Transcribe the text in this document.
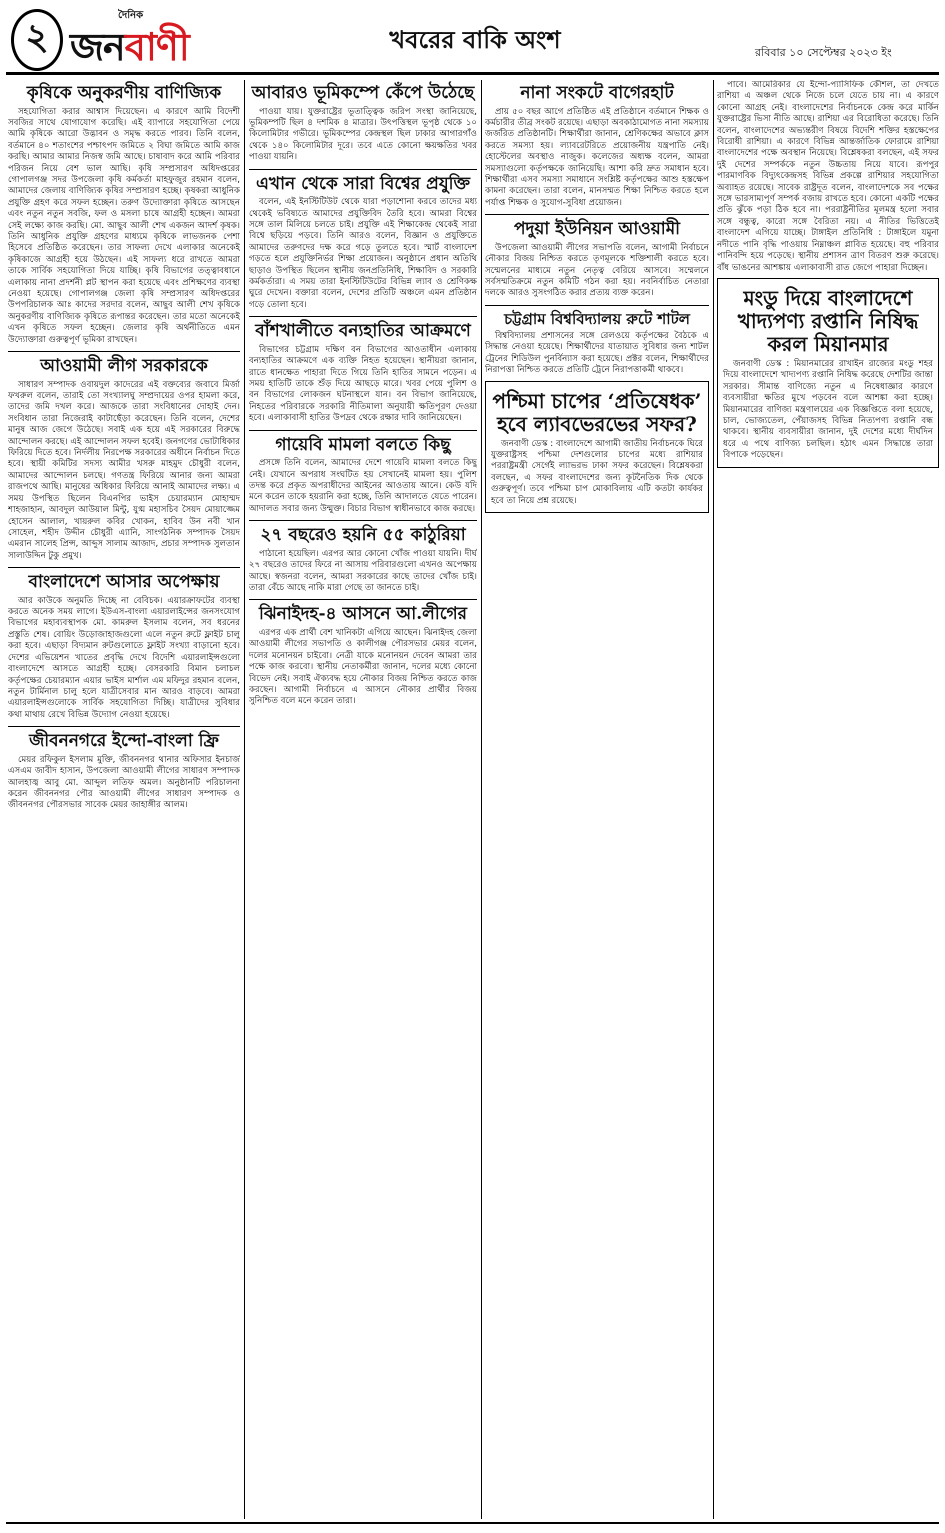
২
দৈনিক
জনবাণী	খবরের বাকি অংশ	রবিবার ১০ সেপ্টেম্বর ২০২৩ ইং
কৃষিকে অনুকরণীয় বাণিজ্যিক

সহযোগিতা করার আশ্বাস দিয়েছেন। এ কারণে আমি বিদেশী সবজির সাথে যোগাযোগ করেছি। এই ব্যাপারে সহযোগিতা পেয়ে আমি কৃষিকে আরো উদ্ভাবন ও সমৃদ্ধ করতে পারব। তিনি বলেন, বর্তমানে ৪০ শতাংশের পশ্চাৎপদ জমিতে ২ বিঘা জমিতে আমি কাজ করছি। আমার আমার নিজস্ব জমি আছে। চাষাবাদ করে আমি পরিবার পরিজন নিয়ে বেশ ভাল আছি। কৃষি সম্প্রসারণ অধিদপ্তরের গোপালগঞ্জ সদর উপজেলা কৃষি কর্মকর্তা মাহফুজুর রহমান বলেন, আমাদের জেলায় বাণিজ্যিক কৃষির সম্প্রসারণ হচ্ছে। কৃষকরা আধুনিক প্রযুক্তি গ্রহণ করে সফল হচ্ছেন। তরুণ উদ্যোক্তারা কৃষিতে আসছেন এবং নতুন নতুন সবজি, ফল ও মসলা চাষে আগ্রহী হচ্ছেন। আমরা সেই লক্ষ্যে কাজ করছি। মো. আছুব আলী শেখ একজন আদর্শ কৃষক। তিনি আধুনিক প্রযুক্তি গ্রহণের মাধ্যমে কৃষিকে লাভজনক পেশা হিসেবে প্রতিষ্ঠিত করেছেন। তার সাফল্য দেখে এলাকার অনেকেই কৃষিকাজে আগ্রহী হয়ে উঠছেন। এই সাফল্য ধরে রাখতে আমরা তাকে সার্বিক সহযোগিতা দিয়ে যাচ্ছি। কৃষি বিভাগের তত্ত্বাবধানে এলাকায় নানা প্রদর্শনী প্লট স্থাপন করা হয়েছে এবং প্রশিক্ষণের ব্যবস্থা নেওয়া হয়েছে। গোপালগঞ্জ জেলা কৃষি সম্প্রসারণ অধিদপ্তরের উপপরিচালক আঃ কাদের সরদার বলেন, আছুব আলী শেখ কৃষিকে অনুকরণীয় বাণিজ্যিক কৃষিতে রূপান্তর করেছেন। তার মতো অনেকেই এখন কৃষিতে সফল হচ্ছেন। জেলার কৃষি অর্থনীতিতে এমন উদ্যোক্তারা গুরুত্বপূর্ণ ভূমিকা রাখছেন।

আওয়ামী লীগ সরকারকে

সাধারণ সম্পাদক ওবায়দুল কাদেরের এই বক্তব্যের জবাবে মির্জা ফখরুল বলেন, তারাই তো সংখ্যালঘু সম্প্রদায়ের ওপর হামলা করে, তাদের জমি দখল করে। আজকে তারা সংবিধানের দোহাই দেন। সংবিধান তারা নিজেরাই কাটাছেঁড়া করেছেন। তিনি বলেন, দেশের মানুষ আজ জেগে উঠেছে। সবাই এক হয়ে এই সরকারের বিরুদ্ধে আন্দোলন করছে। এই আন্দোলন সফল হবেই। জনগণের ভোটাধিকার ফিরিয়ে দিতে হবে। নির্দলীয় নিরপেক্ষ সরকারের অধীনে নির্বাচন দিতে হবে। স্থায়ী কমিটির সদস্য আমীর খসরু মাহমুদ চৌধুরী বলেন, আমাদের আন্দোলন চলছে। গণতন্ত্র ফিরিয়ে আনার জন্য আমরা রাজপথে আছি। মানুষের অধিকার ফিরিয়ে আনাই আমাদের লক্ষ্য। এ সময় উপস্থিত ছিলেন বিএনপির ভাইস চেয়ারম্যান মোহাম্মদ শাহজাহান, আবদুল আউয়াল মিন্টু, যুগ্ম মহাসচিব সৈয়দ মোয়াজ্জেম হোসেন আলাল, খায়রুল কবির খোকন, হাবিব উন নবী খান সোহেল, শহীদ উদ্দীন চৌধুরী এ্যানি, সাংগঠনিক সম্পাদক সৈয়দ এমরান সালেহ প্রিন্স, আব্দুস সালাম আজাদ, প্রচার সম্পাদক সুলতান সালাউদ্দিন টুকু প্রমুখ।

বাংলাদেশে আসার অপেক্ষায়

আর কাউকে অনুমতি দিচ্ছে না বেবিচক। এয়ারক্রাফটের ব্যবস্থা করতে অনেক সময় লাগে। ইউএস-বাংলা এয়ারলাইন্সের জনসংযোগ বিভাগের মহাব্যবস্থাপক মো. কামরুল ইসলাম বলেন, সব ধরনের প্রস্তুতি শেষ। বোয়িং উড়োজাহাজগুলো এলে নতুন রুটে ফ্লাইট চালু করা হবে। এছাড়া বিদ্যমান রুটগুলোতে ফ্লাইট সংখ্যা বাড়ানো হবে। দেশের এভিয়েশন খাতের প্রবৃদ্ধি দেখে বিদেশি এয়ারলাইন্সগুলো বাংলাদেশে আসতে আগ্রহী হচ্ছে। বেসরকারি বিমান চলাচল কর্তৃপক্ষের চেয়ারম্যান এয়ার ভাইস মার্শাল এম মফিদুর রহমান বলেন, নতুন টার্মিনাল চালু হলে যাত্রীসেবার মান আরও বাড়বে। আমরা এয়ারলাইন্সগুলোকে সার্বিক সহযোগিতা দিচ্ছি। যাত্রীদের সুবিধার কথা মাথায় রেখে বিভিন্ন উদ্যোগ নেওয়া হয়েছে।

জীবননগরে ইন্দো-বাংলা ফ্রি

মেয়র রফিকুল ইসলাম মুক্তি, জীবননগর থানার অফিসার ইনচার্জ এসএম জাবীদ হাসান, উপজেলা আওয়ামী লীগের সাধারণ সম্পাদক আলহাজ্ব আবু মো. আব্দুল লতিফ অমল। অনুষ্ঠানটি পরিচালনা করেন জীবননগর পৌর আওয়ামী লীগের সাধারণ সম্পাদক ও জীবননগর পৌরসভার সাবেক মেয়র জাহাঙ্গীর আলম।

আবারও ভূমিকম্পে কেঁপে উঠেছে

পাওয়া যায়। যুক্তরাষ্ট্রের ভূতাত্ত্বিক জরিপ সংস্থা জানিয়েছে, ভূমিকম্পটি ছিল ৪ দশমিক ৪ মাত্রার। উৎপত্তিস্থল ভূপৃষ্ঠ থেকে ১০ কিলোমিটার গভীরে। ভূমিকম্পের কেন্দ্রস্থল ছিল ঢাকার আগারগাঁও থেকে ১৪০ কিলোমিটার দূরে। তবে এতে কোনো ক্ষয়ক্ষতির খবর পাওয়া যায়নি।

এখান থেকে সারা বিশ্বের প্রযুক্তি

বলেন, এই ইনস্টিটিউট থেকে যারা পড়াশোনা করবে তাদের মধ্য থেকেই ভবিষ্যতে আমাদের প্রযুক্তিবিদ তৈরি হবে। আমরা বিশ্বের সঙ্গে তাল মিলিয়ে চলতে চাই। প্রযুক্তি এই শিক্ষাকেন্দ্র থেকেই সারা বিশ্বে ছড়িয়ে পড়বে। তিনি আরও বলেন, বিজ্ঞান ও প্রযুক্তিতে আমাদের তরুণদের দক্ষ করে গড়ে তুলতে হবে। স্মার্ট বাংলাদেশ গড়তে হলে প্রযুক্তিনির্ভর শিক্ষা প্রয়োজন। অনুষ্ঠানে প্রধান অতিথি ছাড়াও উপস্থিত ছিলেন স্থানীয় জনপ্রতিনিধি, শিক্ষাবিদ ও সরকারি কর্মকর্তারা। এ সময় তারা ইনস্টিটিউটের বিভিন্ন ল্যাব ও শ্রেণিকক্ষ ঘুরে দেখেন। বক্তারা বলেন, দেশের প্রতিটি অঞ্চলে এমন প্রতিষ্ঠান গড়ে তোলা হবে।

বাঁশখালীতে বন্যহাতির আক্রমণে

বিভাগের চট্টগ্রাম দক্ষিণ বন বিভাগের আওতাধীন এলাকায় বন্যহাতির আক্রমণে এক ব্যক্তি নিহত হয়েছেন। স্থানীয়রা জানান, রাতে ধানক্ষেত পাহারা দিতে গিয়ে তিনি হাতির সামনে পড়েন। এ সময় হাতিটি তাকে শুঁড় দিয়ে আছড়ে মারে। খবর পেয়ে পুলিশ ও বন বিভাগের লোকজন ঘটনাস্থলে যান। বন বিভাগ জানিয়েছে, নিহতের পরিবারকে সরকারি নীতিমালা অনুযায়ী ক্ষতিপূরণ দেওয়া হবে। এলাকাবাসী হাতির উপদ্রব থেকে রক্ষার দাবি জানিয়েছেন।

গায়েবি মামলা বলতে কিছু

প্রসঙ্গে তিনি বলেন, আমাদের দেশে গায়েবি মামলা বলতে কিছু নেই। যেখানে অপরাধ সংঘটিত হয় সেখানেই মামলা হয়। পুলিশ তদন্ত করে প্রকৃত অপরাধীদের আইনের আওতায় আনে। কেউ যদি মনে করেন তাকে হয়রানি করা হচ্ছে, তিনি আদালতে যেতে পারেন। আদালত সবার জন্য উন্মুক্ত। বিচার বিভাগ স্বাধীনভাবে কাজ করছে।

২৭ বছরেও হয়নি ৫৫ কাঠুরিয়া

পাঠানো হয়েছিল। এরপর আর কোনো খোঁজ পাওয়া যায়নি। দীর্ঘ ২৭ বছরেও তাদের ফিরে না আসায় পরিবারগুলো এখনও অপেক্ষায় আছে। স্বজনরা বলেন, আমরা সরকারের কাছে তাদের খোঁজ চাই। তারা বেঁচে আছে নাকি মারা গেছে তা জানতে চাই।

ঝিনাইদহ-৪ আসনে আ.লীগের

এরপর এক প্রার্থী বেশ খানিকটা এগিয়ে আছেন। ঝিনাইদহ জেলা আওয়ামী লীগের সভাপতি ও কালীগঞ্জ পৌরসভার মেয়র বলেন, দলের মনোনয়ন চাইবো। নেত্রী যাকে মনোনয়ন দেবেন আমরা তার পক্ষে কাজ করবো। স্থানীয় নেতাকর্মীরা জানান, দলের মধ্যে কোনো বিভেদ নেই। সবাই ঐক্যবদ্ধ হয়ে নৌকার বিজয় নিশ্চিত করতে কাজ করছেন। আগামী নির্বাচনে এ আসনে নৌকার প্রার্থীর বিজয় সুনিশ্চিত বলে মনে করেন তারা।

নানা সংকটে বাগেরহাট

প্রায় ৫০ বছর আগে প্রতিষ্ঠিত এই প্রতিষ্ঠানে বর্তমানে শিক্ষক ও কর্মচারীর তীব্র সংকট রয়েছে। এছাড়া অবকাঠামোগত নানা সমস্যায় জর্জরিত প্রতিষ্ঠানটি। শিক্ষার্থীরা জানান, শ্রেণিকক্ষের অভাবে ক্লাস করতে সমস্যা হয়। ল্যাবরেটরিতে প্রয়োজনীয় যন্ত্রপাতি নেই। হোস্টেলের অবস্থাও নাজুক। কলেজের অধ্যক্ষ বলেন, আমরা সমস্যাগুলো কর্তৃপক্ষকে জানিয়েছি। আশা করি দ্রুত সমাধান হবে। শিক্ষার্থীরা এসব সমস্যা সমাধানে সংশ্লিষ্ট কর্তৃপক্ষের আশু হস্তক্ষেপ কামনা করেছেন। তারা বলেন, মানসম্মত শিক্ষা নিশ্চিত করতে হলে পর্যাপ্ত শিক্ষক ও সুযোগ-সুবিধা প্রয়োজন।

পদুয়া ইউনিয়ন আওয়ামী

উপজেলা আওয়ামী লীগের সভাপতি বলেন, আগামী নির্বাচনে নৌকার বিজয় নিশ্চিত করতে তৃণমূলকে শক্তিশালী করতে হবে। সম্মেলনের মাধ্যমে নতুন নেতৃত্ব বেরিয়ে আসবে। সম্মেলনে সর্বসম্মতিক্রমে নতুন কমিটি গঠন করা হয়। নবনির্বাচিত নেতারা দলকে আরও সুসংগঠিত করার প্রত্যয় ব্যক্ত করেন।

চট্টগ্রাম বিশ্ববিদ্যালয় রুটে শাটল

বিশ্ববিদ্যালয় প্রশাসনের সঙ্গে রেলওয়ে কর্তৃপক্ষের বৈঠকে এ সিদ্ধান্ত নেওয়া হয়েছে। শিক্ষার্থীদের যাতায়াত সুবিধার জন্য শাটল ট্রেনের শিডিউল পুনর্বিন্যাস করা হয়েছে। প্রক্টর বলেন, শিক্ষার্থীদের নিরাপত্তা নিশ্চিত করতে প্রতিটি ট্রেনে নিরাপত্তাকর্মী থাকবে।

পশ্চিমা চাপের ‘প্রতিষেধক’ হবে ল্যাবভেরভের সফর?

জনবাণী ডেস্ক : বাংলাদেশে আগামী জাতীয় নির্বাচনকে ঘিরে যুক্তরাষ্ট্রসহ পশ্চিমা দেশগুলোর চাপের মধ্যে রাশিয়ার পররাষ্ট্রমন্ত্রী সের্গেই ল্যাভরভ ঢাকা সফর করেছেন। বিশ্লেষকরা বলছেন, এ সফর বাংলাদেশের জন্য কূটনৈতিক দিক থেকে গুরুত্বপূর্ণ। তবে পশ্চিমা চাপ মোকাবিলায় এটি কতটা কার্যকর হবে তা নিয়ে প্রশ্ন রয়েছে।

পাবে। আমেরিকার যে ইন্দো-প্যাসিফিক কৌশল, তা দেখতে রাশিয়া এ অঞ্চল থেকে নিজে চলে যেতে চায় না। এ কারণে কোনো আগ্রহ নেই। বাংলাদেশের নির্বাচনকে কেন্দ্র করে মার্কিন যুক্তরাষ্ট্রের ভিসা নীতি আছে। রাশিয়া এর বিরোধিতা করেছে। তিনি বলেন, বাংলাদেশের অভ্যন্তরীণ বিষয়ে বিদেশি শক্তির হস্তক্ষেপের বিরোধী রাশিয়া। এ কারণে বিভিন্ন আন্তর্জাতিক ফোরামে রাশিয়া বাংলাদেশের পক্ষে অবস্থান নিয়েছে। বিশ্লেষকরা বলছেন, এই সফর দুই দেশের সম্পর্ককে নতুন উচ্চতায় নিয়ে যাবে। রূপপুর পারমাণবিক বিদ্যুৎকেন্দ্রসহ বিভিন্ন প্রকল্পে রাশিয়ার সহযোগিতা অব্যাহত রয়েছে। সাবেক রাষ্ট্রদূত বলেন, বাংলাদেশকে সব পক্ষের সঙ্গে ভারসাম্যপূর্ণ সম্পর্ক বজায় রাখতে হবে। কোনো একটি পক্ষের প্রতি ঝুঁকে পড়া ঠিক হবে না। পররাষ্ট্রনীতির মূলমন্ত্র হলো সবার সঙ্গে বন্ধুত্ব, কারো সঙ্গে বৈরিতা নয়। এ নীতির ভিত্তিতেই বাংলাদেশ এগিয়ে যাচ্ছে। টাঙ্গাইল প্রতিনিধি : টাঙ্গাইলে যমুনা নদীতে পানি বৃদ্ধি পাওয়ায় নিম্নাঞ্চল প্লাবিত হয়েছে। বহু পরিবার পানিবন্দি হয়ে পড়েছে। স্থানীয় প্রশাসন ত্রাণ বিতরণ শুরু করেছে। বাঁধ ভাঙনের আশঙ্কায় এলাকাবাসী রাত জেগে পাহারা দিচ্ছেন।

মংডু দিয়ে বাংলাদেশে খাদ্যপণ্য রপ্তানি নিষিদ্ধ করল মিয়ানমার

জনবাণী ডেস্ক : মিয়ানমারের রাখাইন রাজ্যের মংডু শহর দিয়ে বাংলাদেশে খাদ্যপণ্য রপ্তানি নিষিদ্ধ করেছে দেশটির জান্তা সরকার। সীমান্ত বাণিজ্যে নতুন এ নিষেধাজ্ঞার কারণে ব্যবসায়ীরা ক্ষতির মুখে পড়বেন বলে আশঙ্কা করা হচ্ছে। মিয়ানমারের বাণিজ্য মন্ত্রণালয়ের এক বিজ্ঞপ্তিতে বলা হয়েছে, চাল, ভোজ্যতেল, পেঁয়াজসহ বিভিন্ন নিত্যপণ্য রপ্তানি বন্ধ থাকবে। স্থানীয় ব্যবসায়ীরা জানান, দুই দেশের মধ্যে দীর্ঘদিন ধরে এ পথে বাণিজ্য চলছিল। হঠাৎ এমন সিদ্ধান্তে তারা বিপাকে পড়েছেন।
